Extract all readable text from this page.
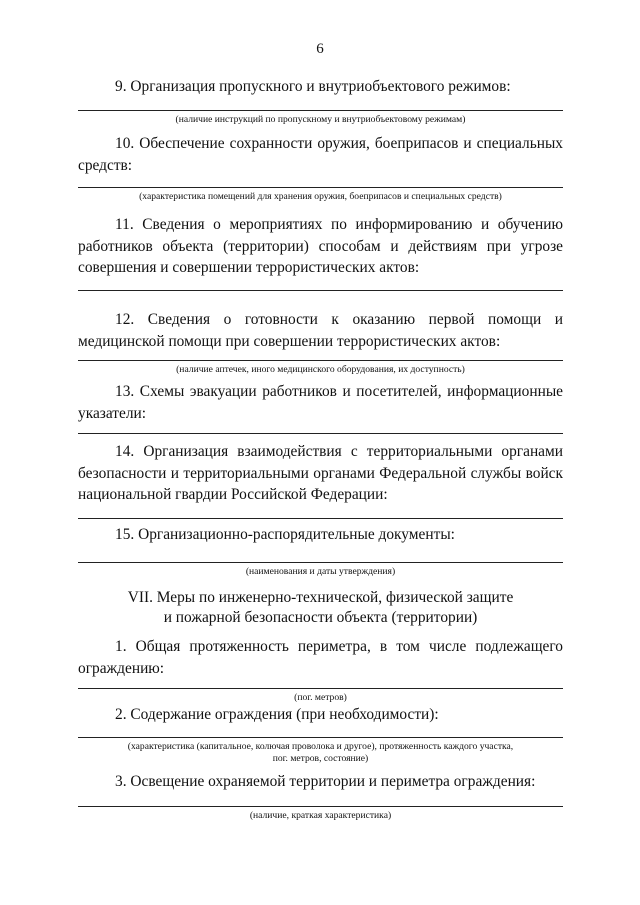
6

9. Организация пропускного и внутриобъектового режимов:

(наличие инструкций по пропускному и внутриобъектовому режимам)

10. Обеспечение сохранности оружия, боеприпасов и специальных средств:

(характеристика помещений для хранения оружия, боеприпасов и специальных средств)

11. Сведения о мероприятиях по информированию и обучению работников объекта (территории) способам и действиям при угрозе совершения и совершении террористических актов:

12. Сведения о готовности к оказанию первой помощи и медицинской помощи при совершении террористических актов:

(наличие аптечек, иного медицинского оборудования, их доступность)

13. Схемы эвакуации работников и посетителей, информационные указатели:

14. Организация взаимодействия с территориальными органами безопасности и территориальными органами Федеральной службы войск национальной гвардии Российской Федерации:

15. Организационно-распорядительные документы:

(наименования и даты утверждения)
VII. Меры по инженерно-технической, физической защите
и пожарной безопасности объекта (территории)

1. Общая протяженность периметра, в том числе подлежащего ограждению:

(пог. метров)

2. Содержание ограждения (при необходимости):

(характеристика (капитальное, колючая проволока и другое), протяженность каждого участка,
пог. метров, состояние)

3. Освещение охраняемой территории и периметра ограждения:

(наличие, краткая характеристика)
